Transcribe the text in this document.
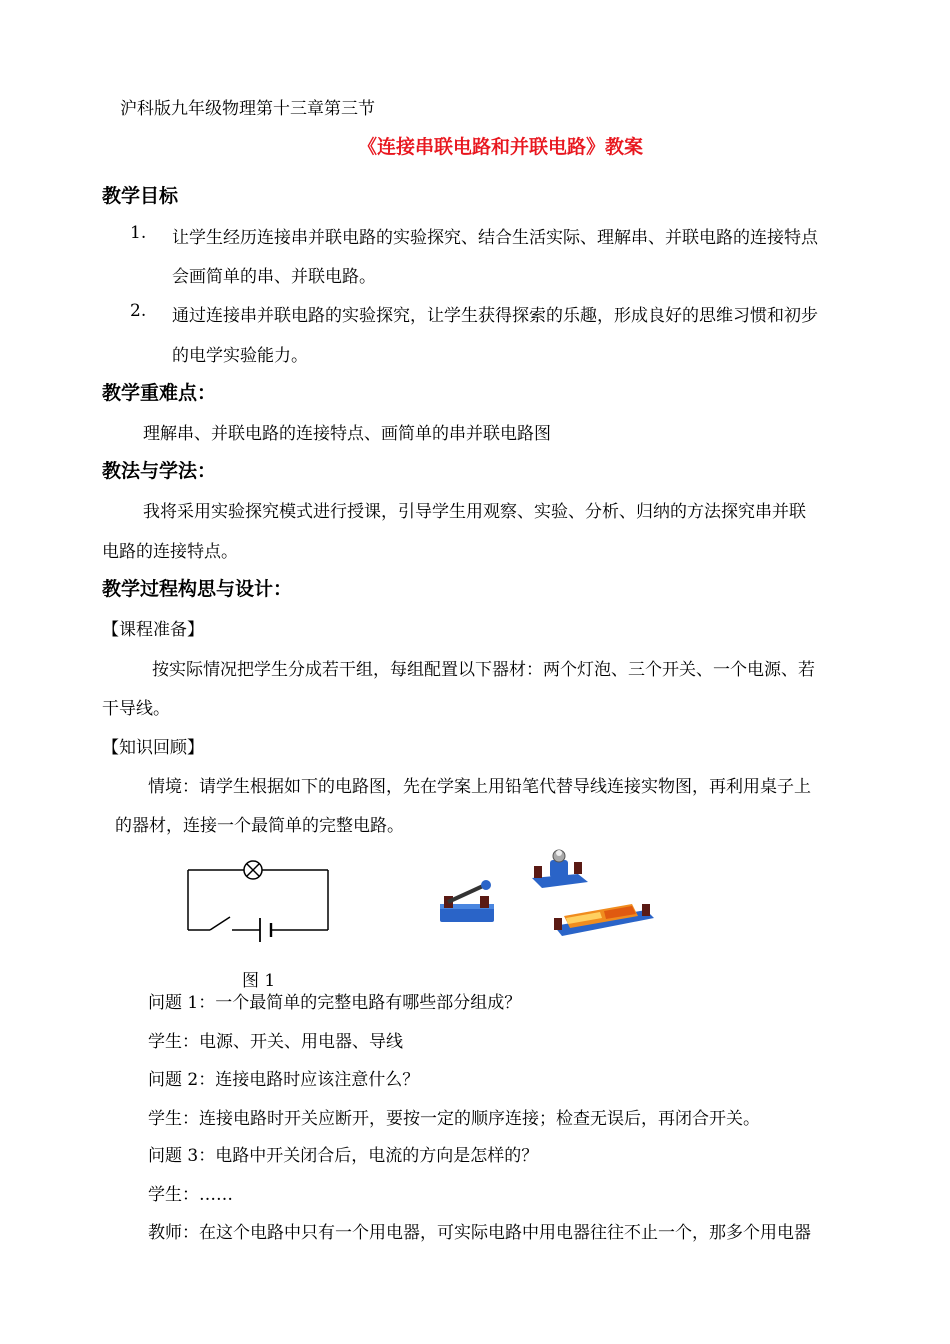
沪科版九年级物理第十三章第三节
《连接串联电路和并联电路》教案
教学目标
1. 让学生经历连接串并联电路的实验探究、结合生活实际、理解串、并联电路的连接特点
会画简单的串、并联电路。
2. 通过连接串并联电路的实验探究，让学生获得探索的乐趣，形成良好的思维习惯和初步
的电学实验能力。
教学重难点：
理解串、并联电路的连接特点、画简单的串并联电路图
教法与学法：
我将采用实验探究模式进行授课，引导学生用观察、实验、分析、归纳的方法探究串并联
电路的连接特点。
教学过程构思与设计：
【课程准备】
按实际情况把学生分成若干组，每组配置以下器材：两个灯泡、三个开关、一个电源、若
干导线。
【知识回顾】
情境：请学生根据如下的电路图，先在学案上用铅笔代替导线连接实物图，再利用桌子上
的器材，连接一个最简单的完整电路。
图 1
问题 1：一个最简单的完整电路有哪些部分组成？
学生：电源、开关、用电器、导线
问题 2：连接电路时应该注意什么？
学生：连接电路时开关应断开，要按一定的顺序连接；检查无误后，再闭合开关。
问题 3：电路中开关闭合后，电流的方向是怎样的？
学生：……
教师：在这个电路中只有一个用电器，可实际电路中用电器往往不止一个，那多个用电器
